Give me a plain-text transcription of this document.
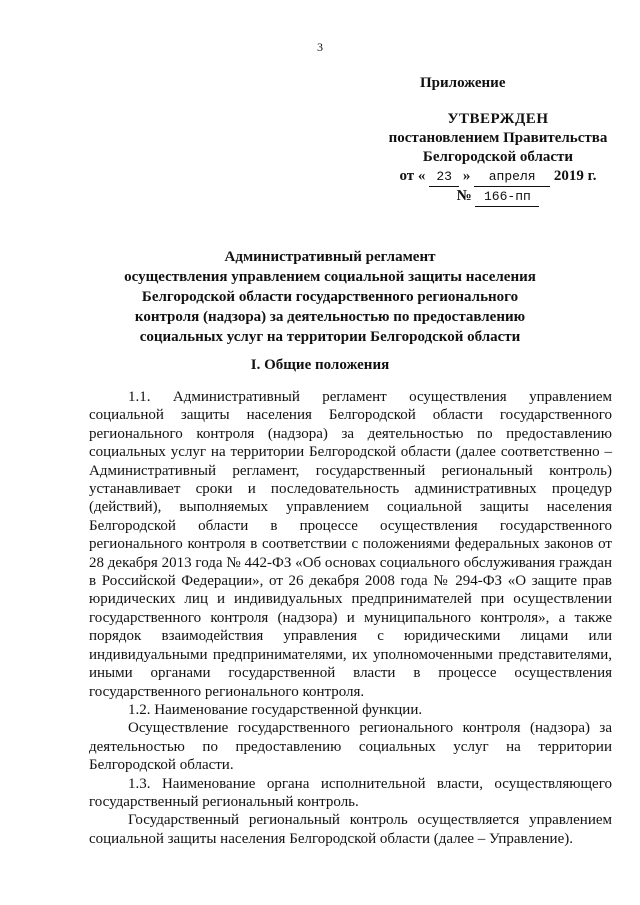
3
Приложение
УТВЕРЖДЕН
постановлением Правительства
Белгородской области
от « 23 » апреля 2019 г.
№ 166-пп
Административный регламент
осуществления управлением социальной защиты населения
Белгородской области государственного регионального
контроля (надзора) за деятельностью по предоставлению
социальных услуг на территории Белгородской области
I. Общие положения

1.1. Административный регламент осуществления управлением социальной защиты населения Белгородской области государственного регионального контроля (надзора) за деятельностью по предоставлению социальных услуг на территории Белгородской области (далее соответственно – Административный регламент, государственный региональный контроль) устанавливает сроки и последовательность административных процедур (действий), выполняемых управлением социальной защиты населения Белгородской области в процессе осуществления государственного регионального контроля в соответствии с положениями федеральных законов от 28 декабря 2013 года № 442-ФЗ «Об основах социального обслуживания граждан в Российской Федерации», от 26 декабря 2008 года № 294-ФЗ «О защите прав юридических лиц и индивидуальных предпринимателей при осуществлении государственного контроля (надзора) и муниципального контроля», а также порядок взаимодействия управления с юридическими лицами или индивидуальными предпринимателями, их уполномоченными представителями, иными органами государственной власти в процессе осуществления государственного регионального контроля.

1.2. Наименование государственной функции.

Осуществление государственного регионального контроля (надзора) за деятельностью по предоставлению социальных услуг на территории Белгородской области.

1.3. Наименование органа исполнительной власти, осуществляющего государственный региональный контроль.

Государственный региональный контроль осуществляется управлением социальной защиты населения Белгородской области (далее – Управление).
